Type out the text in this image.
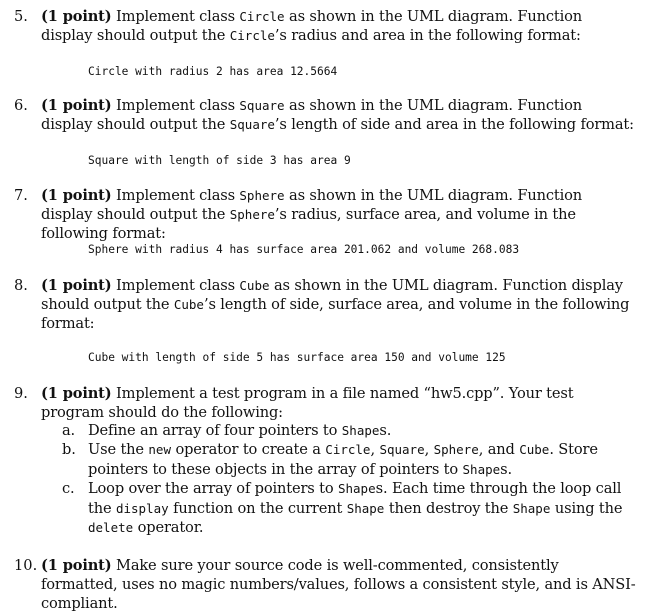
5. (1 point) Implement class Circle as shown in the UML diagram. Function display should output the Circle’s radius and area in the following format:
Circle with radius 2 has area 12.5664
6. (1 point) Implement class Square as shown in the UML diagram. Function display should output the Square’s length of side and area in the following format:
Square with length of side 3 has area 9
7. (1 point) Implement class Sphere as shown in the UML diagram. Function display should output the Sphere’s radius, surface area, and volume in the following format:
Sphere with radius 4 has surface area 201.062 and volume 268.083
8. (1 point) Implement class Cube as shown in the UML diagram. Function display should output the Cube’s length of side, surface area, and volume in the following format:
Cube with length of side 5 has surface area 150 and volume 125
9. (1 point) Implement a test program in a file named “hw5.cpp”. Your test program should do the following:
a. Define an array of four pointers to Shapes.
b. Use the new operator to create a Circle, Square, Sphere, and Cube. Store pointers to these objects in the array of pointers to Shapes.
c. Loop over the array of pointers to Shapes. Each time through the loop call the display function on the current Shape then destroy the Shape using the delete operator.
10. (1 point) Make sure your source code is well-commented, consistently formatted, uses no magic numbers/values, follows a consistent style, and is ANSI-compliant.
